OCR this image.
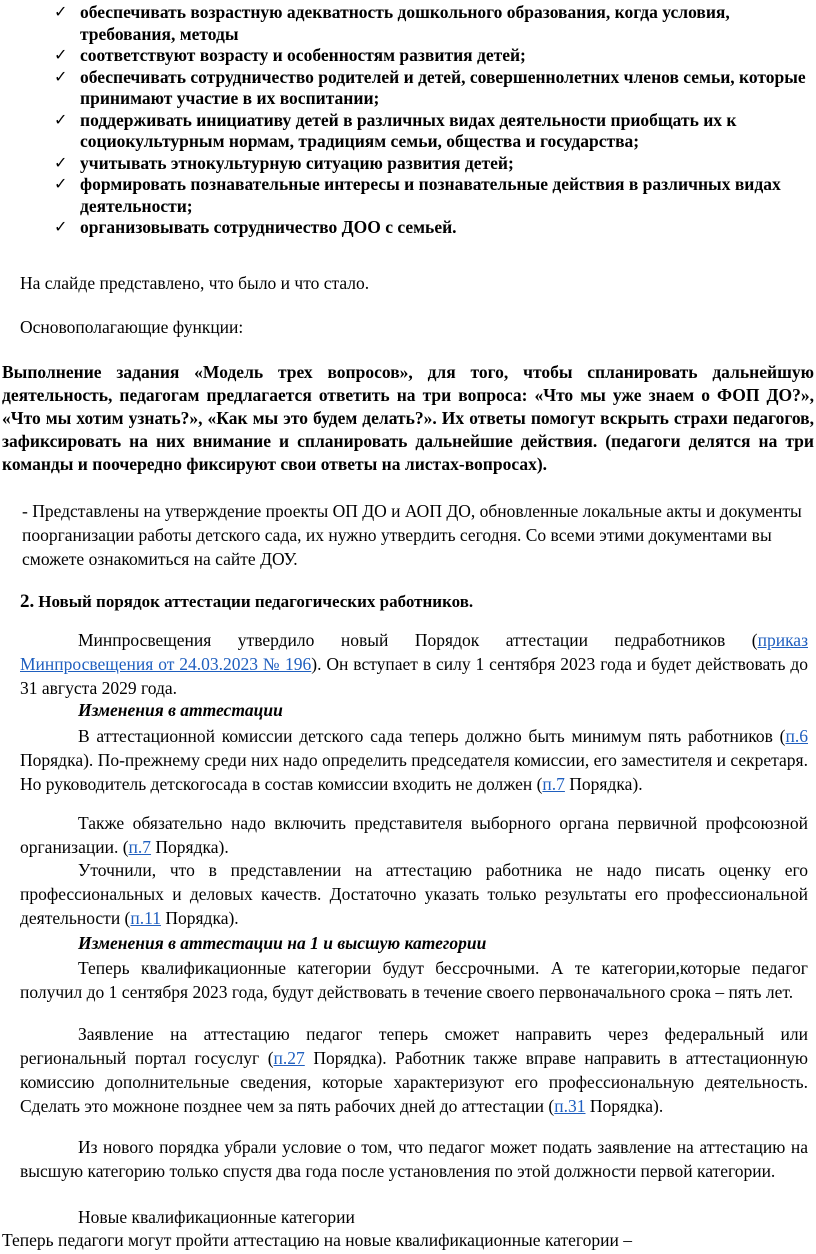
✓ обеспечивать возрастную адекватность дошкольного образования, когда условия, требования, методы
✓ соответствуют возрасту и особенностям развития детей;
✓ обеспечивать сотрудничество родителей и детей, совершеннолетних членов семьи, которые принимают участие в их воспитании;
✓ поддерживать инициативу детей в различных видах деятельности приобщать их к социокультурным нормам, традициям семьи, общества и государства;
✓ учитывать этнокультурную ситуацию развития детей;
✓ формировать познавательные интересы и познавательные действия в различных видах деятельности;
✓ организовывать сотрудничество ДОО с семьей.

На слайде представлено, что было и что стало.

Основополагающие функции:

Выполнение задания «Модель трех вопросов», для того, чтобы спланировать дальнейшую деятельность, педагогам предлагается ответить на три вопроса: «Что мы уже знаем о ФОП ДО?», «Что мы хотим узнать?», «Как мы это будем делать?». Их ответы помогут вскрыть страхи педагогов, зафиксировать на них внимание и спланировать дальнейшие действия. (педагоги делятся на три команды и поочередно фиксируют свои ответы на листах-вопросах).

- Представлены на утверждение проекты ОП ДО и АОП ДО, обновленные локальные акты и документы поорганизации работы детского сада, их нужно утвердить сегодня. Со всеми этими документами вы сможете ознакомиться на сайте ДОУ.

2. Новый порядок аттестации педагогических работников.

Минпросвещения утвердило новый Порядок аттестации педработников (приказ Минпросвещения от 24.03.2023 № 196). Он вступает в силу 1 сентября 2023 года и будет действовать до 31 августа 2029 года.

Изменения в аттестации

В аттестационной комиссии детского сада теперь должно быть минимум пять работников (п.6 Порядка). По-прежнему среди них надо определить председателя комиссии, его заместителя и секретаря. Но руководитель детскогосада в состав комиссии входить не должен (п.7 Порядка).

Также обязательно надо включить представителя выборного органа первичной профсоюзной организации. (п.7 Порядка).

Уточнили, что в представлении на аттестацию работника не надо писать оценку его профессиональных и деловых качеств. Достаточно указать только результаты его профессиональной деятельности (п.11 Порядка).

Изменения в аттестации на 1 и высшую категории

Теперь квалификационные категории будут бессрочными. А те категории,которые педагог получил до 1 сентября 2023 года, будут действовать в течение своего первоначального срока – пять лет.

Заявление на аттестацию педагог теперь сможет направить через федеральный или региональный портал госуслуг (п.27 Порядка). Работник также вправе направить в аттестационную комиссию дополнительные сведения, которые характеризуют его профессиональную деятельность. Сделать это можноне позднее чем за пять рабочих дней до аттестации (п.31 Порядка).

Из нового порядка убрали условие о том, что педагог может подать заявление на аттестацию на высшую категорию только спустя два года после установления по этой должности первой категории.

Новые квалификационные категории

Теперь педагоги могут пройти аттестацию на новые квалификационные категории –
